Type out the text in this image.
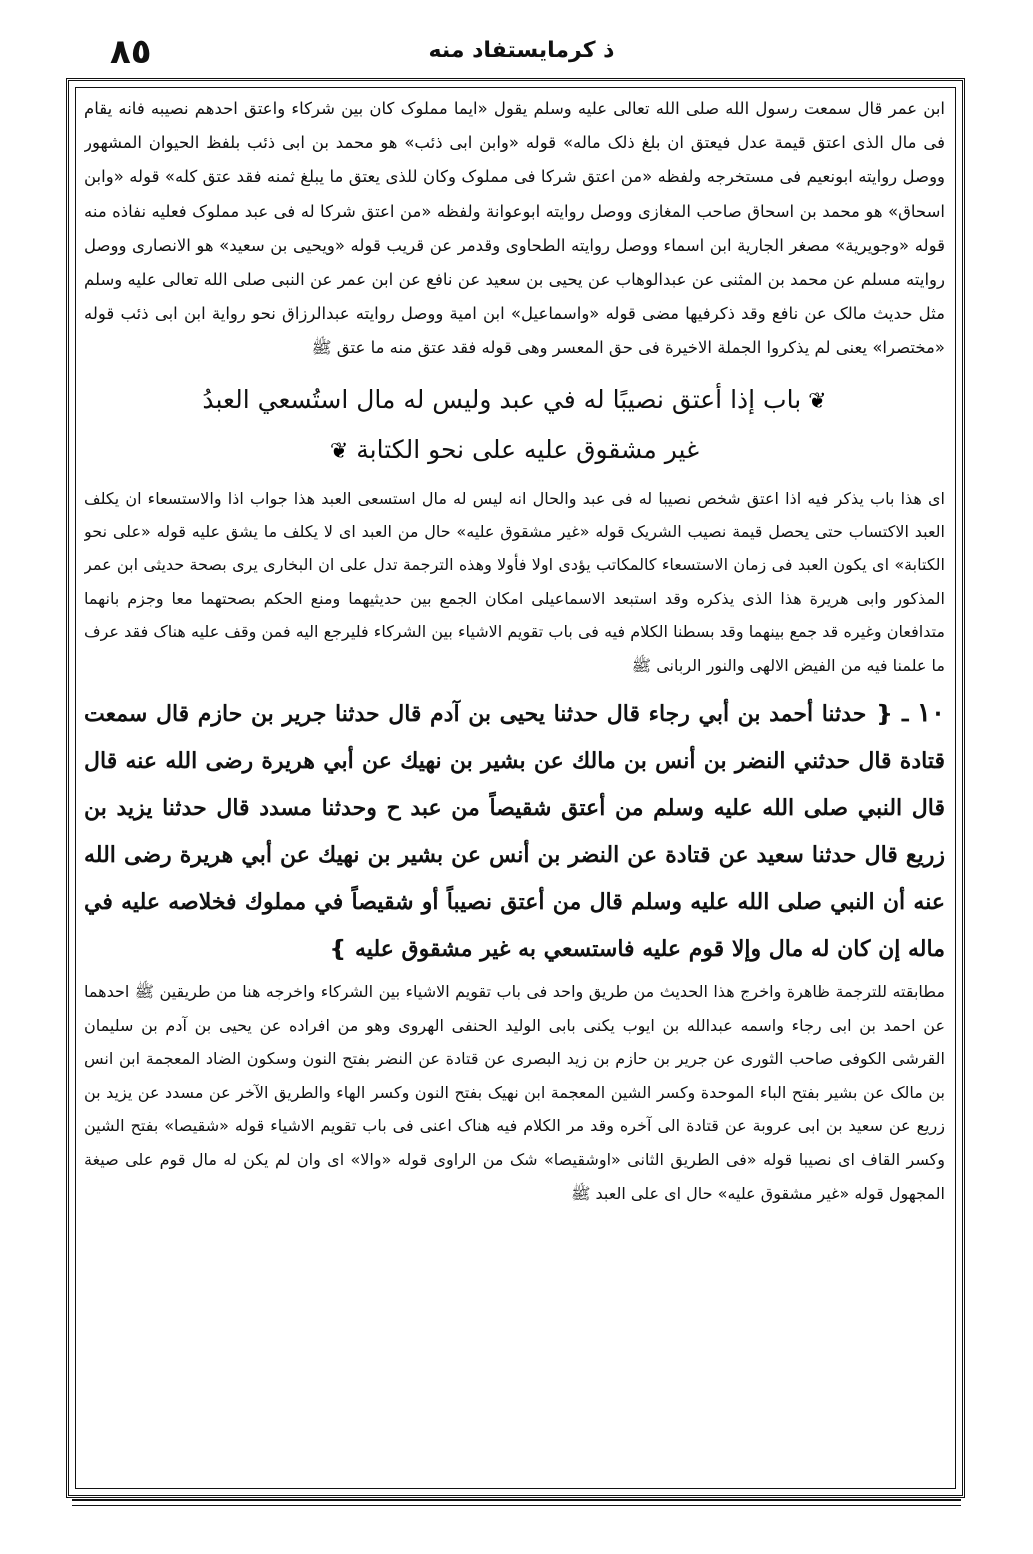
٨٥	ذ کرمایستفاد منه

ابن عمر قال سمعت رسول الله صلی الله تعالی علیه وسلم یقول «ایما مملوک کان بین شرکاء واعتق احدهم نصیبه فانه یقام فی مال الذی اعتق قیمة عدل فیعتق ان بلغ ذلک ماله» قوله «وابن ابی ذئب» هو محمد بن ابی ذئب بلفظ الحیوان المشهور ووصل روایته ابونعیم فی مستخرجه ولفظه «من اعتق شرکا فی مملوک وکان للذی یعتق ما یبلغ ثمنه فقد عتق کله» قوله «وابن اسحاق» هو محمد بن اسحاق صاحب المغازی ووصل روایته ابوعوانة ولفظه «من اعتق شرکا له فی عبد مملوک فعلیه نفاذه منه قوله «وجویریة» مصغر الجاریة ابن اسماء ووصل روایته الطحاوی وقدمر عن قریب قوله «ویحیی بن سعید» هو الانصاری ووصل روایته مسلم عن محمد بن المثنی عن عبدالوهاب عن یحیی بن سعید عن نافع عن ابن عمر عن النبی صلی الله تعالی علیه وسلم مثل حدیث مالک عن نافع وقد ذکرفیها مضی قوله «واسماعیل» ابن امیة ووصل روایته عبدالرزاق نحو روایة ابن ابی ذئب قوله «مختصرا» یعنی لم یذکروا الجملة الاخیرة فی حق المعسر وهی قوله فقد عتق منه ما عتق ﷺ

❦ باب إذا أعتق نصيبًا له في عبد وليس له مال استُسعي العبدُ
غير مشقوق عليه على نحو الكتابة ❦

ای هذا باب یذکر فیه اذا اعتق شخص نصیبا له فی عبد والحال انه لیس له مال استسعی العبد هذا جواب اذا والاستسعاء ان یکلف العبد الاکتساب حتی یحصل قیمة نصیب الشریک قوله «غیر مشقوق علیه» حال من العبد ای لا یکلف ما یشق علیه قوله «علی نحو الکتابة» ای یکون العبد فی زمان الاستسعاء کالمکاتب یؤدی اولا فأولا وهذه الترجمة تدل علی ان البخاری یری بصحة حدیثی ابن عمر المذکور وابی هریرة هذا الذی یذکره وقد استبعد الاسماعیلی امکان الجمع بین حدیثیهما ومنع الحکم بصحتهما معا وجزم بانهما متدافعان وغیره قد جمع بینهما وقد بسطنا الکلام فیه فی باب تقویم الاشیاء بین الشرکاء فلیرجع الیه فمن وقف علیه هناک فقد عرف ما علمنا فیه من الفیض الالهی والنور الربانی ﷺ

١٠ ـ ❴ حدثنا أحمد بن أبي رجاء قال حدثنا يحيى بن آدم قال حدثنا جرير بن حازم قال سمعت قتادة قال حدثني النضر بن أنس بن مالك عن بشير بن نهيك عن أبي هريرة رضى الله عنه قال قال النبي صلى الله عليه وسلم من أعتق شقيصاً من عبد ح وحدثنا مسدد قال حدثنا يزيد بن زريع قال حدثنا سعيد عن قتادة عن النضر بن أنس عن بشير بن نهيك عن أبي هريرة رضى الله عنه أن النبي صلى الله عليه وسلم قال من أعتق نصيباً أو شقيصاً في مملوك فخلاصه عليه في ماله إن كان له مال وإلا قوم عليه فاستسعي به غير مشقوق عليه ❵

مطابقته للترجمة ظاهرة واخرج هذا الحدیث من طریق واحد فی باب تقویم الاشیاء بین الشرکاء واخرجه هنا من طریقین ﷺ احدهما عن احمد بن ابی رجاء واسمه عبدالله بن ایوب یکنی بابی الولید الحنفی الهروی وهو من افراده عن یحیی بن آدم بن سلیمان القرشی الکوفی صاحب الثوری عن جریر بن حازم بن زید البصری عن قتادة عن النضر بفتح النون وسکون الضاد المعجمة ابن انس بن مالک عن بشیر بفتح الباء الموحدة وکسر الشین المعجمة ابن نهیک بفتح النون وکسر الهاء والطریق الآخر عن مسدد عن یزید بن زریع عن سعید بن ابی عروبة عن قتادة الی آخره وقد مر الکلام فیه هناک اعنی فی باب تقویم الاشیاء قوله «شقیصا» بفتح الشین وکسر القاف ای نصیبا قوله «فی الطریق الثانی «اوشقیصا» شک من الراوی قوله «والا» ای وان لم یکن له مال قوم علی صیغة المجهول قوله «غیر مشقوق علیه» حال ای علی العبد ﷺ
